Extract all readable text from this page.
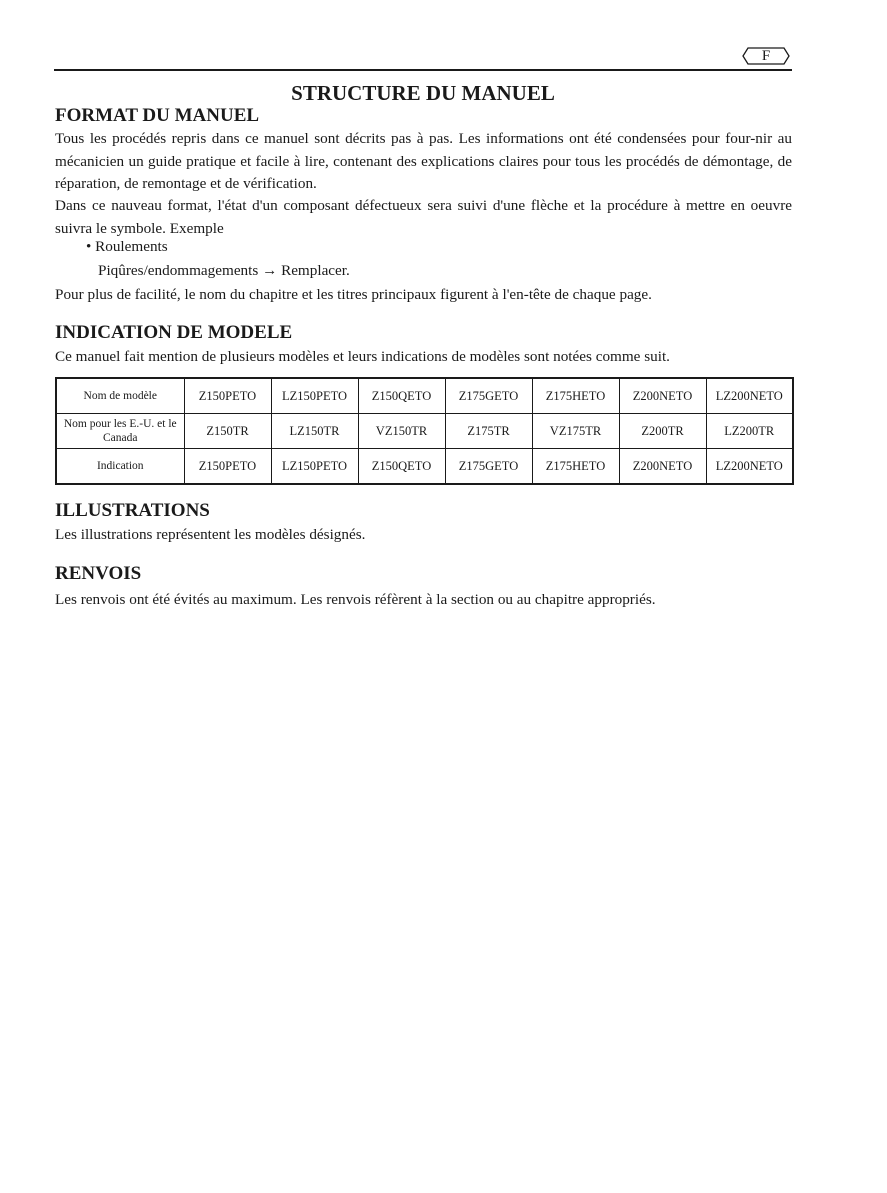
F
STRUCTURE DU MANUEL
FORMAT DU MANUEL

Tous les procédés repris dans ce manuel sont décrits pas à pas. Les informations ont été condensées pour four-nir au mécanicien un guide pratique et facile à lire, contenant des explications claires pour tous les procédés de démontage, de réparation, de remontage et de vérification.

Dans ce nauveau format, l'état d'un composant défectueux sera suivi d'une flèche et la procédure à mettre en oeuvre suivra le symbole. Exemple

• Roulements

Piqûres/endommagements → Remplacer.

Pour plus de facilité, le nom du chapitre et les titres principaux figurent à l'en-tête de chaque page.

INDICATION DE MODELE

Ce manuel fait mention de plusieurs modèles et leurs indications de modèles sont notées comme suit.

Nom de modèle	Z150PETO	LZ150PETO	Z150QETO	Z175GETO	Z175HETO	Z200NETO	LZ200NETO
Nom pour les E.-U. et le Canada	Z150TR	LZ150TR	VZ150TR	Z175TR	VZ175TR	Z200TR	LZ200TR
Indication	Z150PETO	LZ150PETO	Z150QETO	Z175GETO	Z175HETO	Z200NETO	LZ200NETO
ILLUSTRATIONS

Les illustrations représentent les modèles désignés.

RENVOIS

Les renvois ont été évités au maximum. Les renvois réfèrent à la section ou au chapitre appropriés.
